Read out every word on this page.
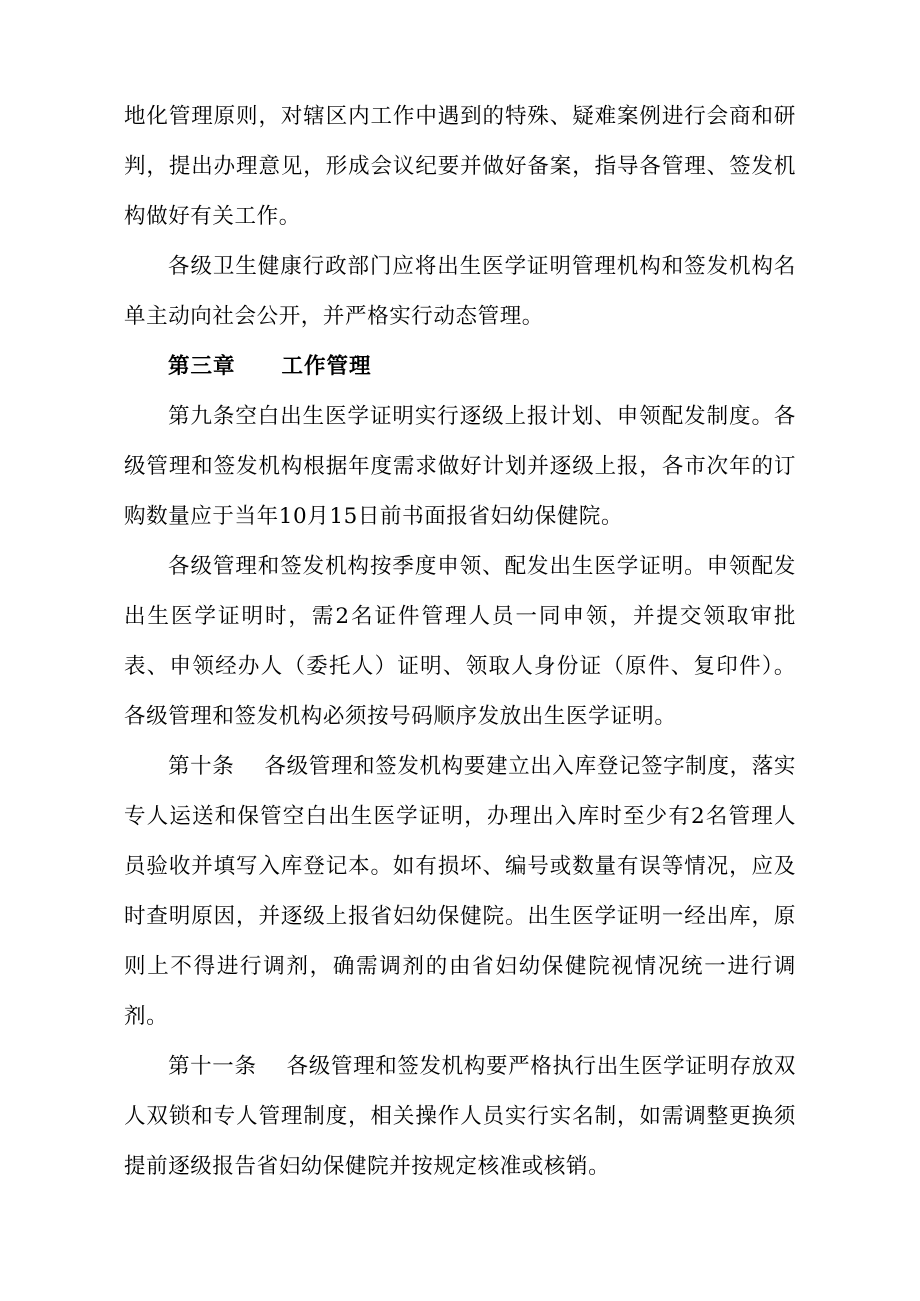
地化管理原则，对辖区内工作中遇到的特殊、疑难案例进行会商和研判，提出办理意见，形成会议纪要并做好备案，指导各管理、签发机构做好有关工作。

各级卫生健康行政部门应将出生医学证明管理机构和签发机构名单主动向社会公开，并严格实行动态管理。

第三章 工作管理

第九条空白出生医学证明实行逐级上报计划、申领配发制度。各级管理和签发机构根据年度需求做好计划并逐级上报，各市次年的订购数量应于当年10月15日前书面报省妇幼保健院。

各级管理和签发机构按季度申领、配发出生医学证明。申领配发出生医学证明时，需2名证件管理人员一同申领，并提交领取审批表、申领经办人（委托人）证明、领取人身份证（原件、复印件）。各级管理和签发机构必须按号码顺序发放出生医学证明。

第十条 各级管理和签发机构要建立出入库登记签字制度，落实专人运送和保管空白出生医学证明，办理出入库时至少有2名管理人员验收并填写入库登记本。如有损坏、编号或数量有误等情况，应及时查明原因，并逐级上报省妇幼保健院。出生医学证明一经出库，原则上不得进行调剂，确需调剂的由省妇幼保健院视情况统一进行调剂。

第十一条 各级管理和签发机构要严格执行出生医学证明存放双人双锁和专人管理制度，相关操作人员实行实名制，如需调整更换须提前逐级报告省妇幼保健院并按规定核准或核销。
